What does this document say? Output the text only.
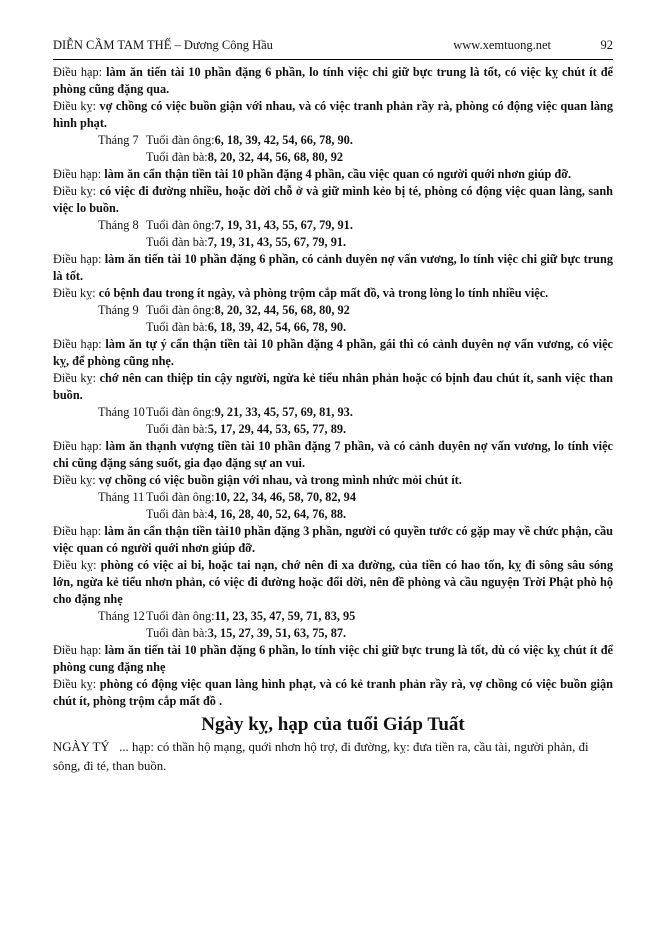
DIỄN CẦM TAM THẾ – Dương Công Hầu	www.xemtuong.net	92

Điều hạp: làm ăn tiến tài 10 phần đặng 6 phần, lo tính việc chi giữ bực trung là tốt, có việc kỵ chút ít để phòng cũng đặng qua.

Điều kỵ: vợ chồng có việc buồn giận với nhau, và có việc tranh phản rầy rà, phòng có động việc quan làng hình phạt.

Tháng 7 Tuổi đàn ông: 6, 18, 39, 42, 54, 66, 78, 90.
Tuổi đàn bà: 8, 20, 32, 44, 56, 68, 80, 92

Điều hạp: làm ăn cẩn thận tiền tài 10 phần đặng 4 phần, cầu việc quan có người quới nhơn giúp đỡ.

Điều kỵ: có việc đi đường nhiều, hoặc dời chỗ ở và giữ mình kẻo bị té, phòng có động việc quan làng, sanh việc lo buồn.

Tháng 8 Tuổi đàn ông: 7, 19, 31, 43, 55, 67, 79, 91.
Tuổi đàn bà: 7, 19, 31, 43, 55, 67, 79, 91.

Điều hạp: làm ăn tiến tài 10 phần đặng 6 phần, có cảnh duyên nợ vấn vương, lo tính việc chi giữ bực trung là tốt.

Điều kỵ: có bệnh đau trong ít ngày, và phòng trộm cắp mất đồ, và trong lòng lo tính nhiều việc.

Tháng 9 Tuổi đàn ông: 8, 20, 32, 44, 56, 68, 80, 92
Tuổi đàn bà: 6, 18, 39, 42, 54, 66, 78, 90.

Điều hạp: làm ăn tự ý cẩn thận tiền tài 10 phần đặng 4 phần, gái thì có cảnh duyên nợ vấn vương, có việc kỵ, để phòng cũng nhẹ.

Điều kỵ: chớ nên can thiệp tin cậy người, ngừa kẻ tiểu nhân phản hoặc có bịnh đau chút ít, sanh việc than buồn.

Tháng 10 Tuổi đàn ông: 9, 21, 33, 45, 57, 69, 81, 93.
Tuổi đàn bà: 5, 17, 29, 44, 53, 65, 77, 89.

Điều hạp: làm ăn thạnh vượng tiền tài 10 phần đặng 7 phần, và có cảnh duyên nợ vấn vương, lo tính việc chi cũng đặng sáng suốt, gia đạo đặng sự an vui.

Điều kỵ: vợ chồng có việc buồn giận với nhau, và trong mình nhức mỏi chút ít.

Tháng 11 Tuổi đàn ông: 10, 22, 34, 46, 58, 70, 82, 94
Tuổi đàn bà: 4, 16, 28, 40, 52, 64, 76, 88.

Điều hạp: làm ăn cẩn thận tiền tài10 phần đặng 3 phần, người có quyền tước có gặp may về chức phận, cầu việc quan có người quới nhơn giúp đỡ.

Điều kỵ: phòng có việc ai bi, hoặc tai nạn, chớ nên đi xa đường, của tiền có hao tốn, kỵ đi sông sâu sóng lớn, ngừa kẻ tiểu nhơn phản, có việc đi đường hoặc đổi dời, nên đề phòng và cầu nguyện Trời Phật phò hộ cho đặng nhẹ

Tháng 12 Tuổi đàn ông: 11, 23, 35, 47, 59, 71, 83, 95
Tuổi đàn bà: 3, 15, 27, 39, 51, 63, 75, 87.

Điều hạp: làm ăn tiến tài 10 phần đặng 6 phần, lo tính việc chi giữ bực trung là tốt, dù có việc kỵ chút ít để phòng cung đặng nhẹ

Điều kỵ: phòng có động việc quan làng hình phạt, và có kẻ tranh phản rầy rà, vợ chồng có việc buồn giận chút ít, phòng trộm cắp mất đồ .

Ngày kỵ, hạp của tuổi Giáp Tuất

NGÀY TÝ ... hạp: có thần hộ mạng, quới nhơn hộ trợ, đi đường, kỵ: đưa tiền ra, cầu tài, người phản, đi sông, đi té, than buồn.
